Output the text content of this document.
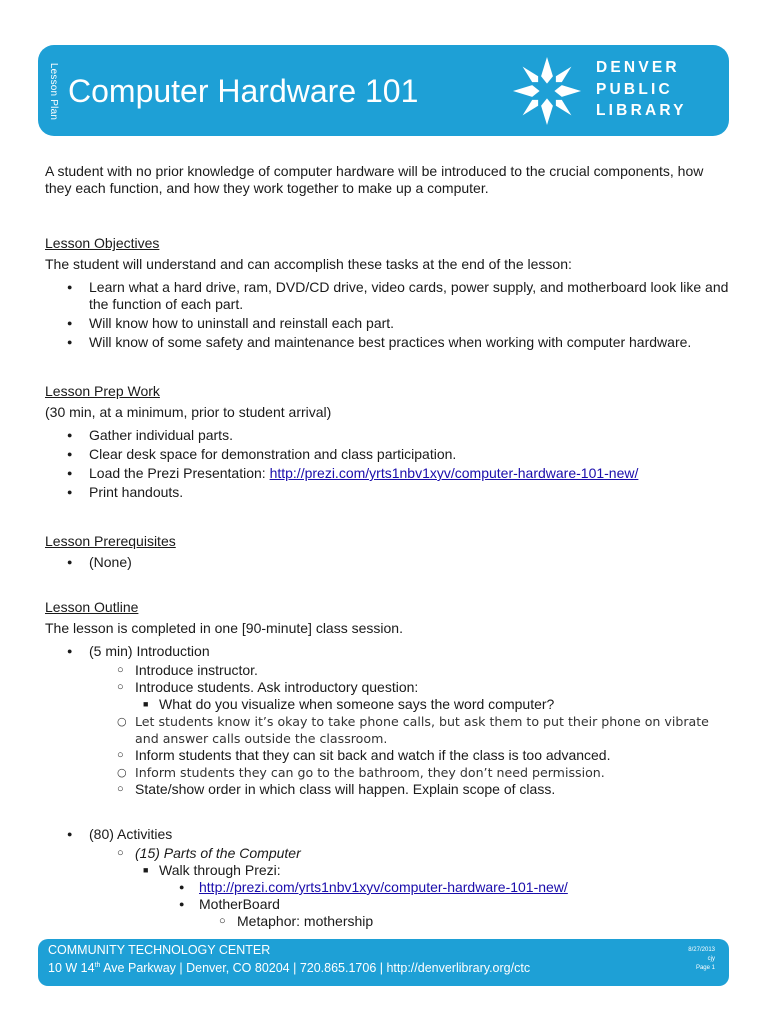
Lesson Plan Computer Hardware 101
DENVER
PUBLIC
LIBRARY

A student with no prior knowledge of computer hardware will be introduced to the crucial components, how they each function, and how they work together to make up a computer.

Lesson Objectives

The student will understand and can accomplish these tasks at the end of the lesson:

● Learn what a hard drive, ram, DVD/CD drive, video cards, power supply, and motherboard look like and the function of each part.
● Will know how to uninstall and reinstall each part.
● Will know of some safety and maintenance best practices when working with computer hardware.

Lesson Prep Work

(30 min, at a minimum, prior to student arrival)

● Gather individual parts.
● Clear desk space for demonstration and class participation.
● Load the Prezi Presentation: http://prezi.com/yrts1nbv1xyv/computer-hardware-101-new/
● Print handouts.

Lesson Prerequisites

● (None)

Lesson Outline

The lesson is completed in one [90-minute] class session.

● (5 min) Introduction
○ Introduce instructor.
○ Introduce students. Ask introductory question:
■ What do you visualize when someone says the word computer?
○ Let students know it’s okay to take phone calls, but ask them to put their phone on vibrate and answer calls outside the classroom.
○ Inform students that they can sit back and watch if the class is too advanced.
○ Inform students they can go to the bathroom, they don’t need permission.
○ State/show order in which class will happen. Explain scope of class.
● (80) Activities
○ (15) Parts of the Computer
■ Walk through Prezi:
● http://prezi.com/yrts1nbv1xyv/computer-hardware-101-new/
● MotherBoard
○ Metaphor: mothership
COMMUNITY TECHNOLOGY CENTER
10 W 14th Ave Parkway | Denver, CO 80204 | 720.865.1706 | http://denverlibrary.org/ctc
8/27/2013
cjy
Page 1
